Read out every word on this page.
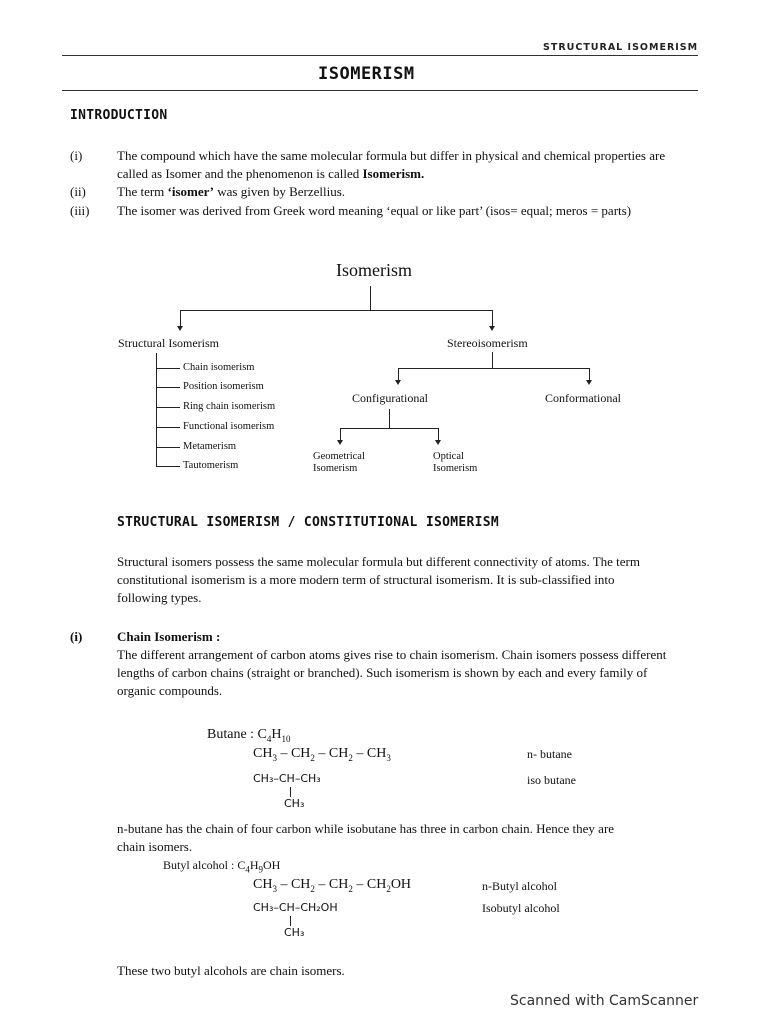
STRUCTURAL ISOMERISM
ISOMERISM
INTRODUCTION
(i)	The compound which have the same molecular formula but differ in physical and chemical properties are
called as Isomer and the phenomenon is called Isomerism.
(ii) The term ‘isomer’ was given by Berzellius.
(iii) The isomer was derived from Greek word meaning ‘equal or like part’ (isos= equal; meros = parts)
Isomerism
Structural Isomerism	Stereoisomerism
Chain isomerism
Position isomerism
Ring chain isomerism
Functional isomerism
Metamerism
Tautomerism
Configurational	Conformational
Geometrical
Isomerism
Optical
Isomerism
STRUCTURAL ISOMERISM / CONSTITUTIONAL ISOMERISM
Structural isomers possess the same molecular formula but different connectivity of atoms. The term
constitutional isomerism is a more modern term of structural isomerism. It is sub-classified into
following types.
(i)	Chain Isomerism :
The different arrangement of carbon atoms gives rise to chain isomerism. Chain isomers possess different
lengths of carbon chains (straight or branched). Such isomerism is shown by each and every family of
organic compounds.
Butane : $C_4H_{10}$
$CH_3 - CH_2 - CH_2 - CH_3$	n- butane
CH₃–CH–CH₃
CH₃
iso butane
n-butane has the chain of four carbon while isobutane has three in carbon chain. Hence they are
chain isomers.
Butyl alcohol : $C_4H_9OH$
$CH_3 - CH_2 - CH_2 - CH_2OH$	n-Butyl alcohol
CH₃–CH–CH₂OH
CH₃
Isobutyl alcohol
These two butyl alcohols are chain isomers.
Scanned with CamScanner
